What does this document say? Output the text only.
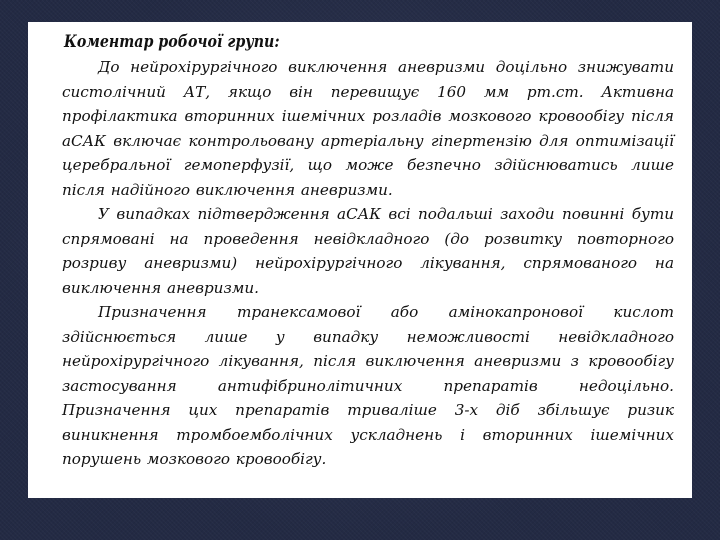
Коментар робочої групи:

До нейрохірургічного виключення аневризми доцільно знижувати систолічний АТ, якщо він перевищує 160 мм рт.ст. Активна профілактика вторинних ішемічних розладів мозкового кровообігу після аСАК включає контрольовану артеріальну гіпертензію для оптимізації церебральної гемоперфузії, що може безпечно здійснюватись лише після надійного виключення аневризми.

У випадках підтвердження аСАК всі подальші заходи повинні бути спрямовані на проведення невідкладного (до розвитку повторного розриву аневризми) нейрохірургічного лікування, спрямованого на виключення аневризми.

Призначення транексамової або амінокапронової кислот здійснюється лише у випадку неможливості невідкладного нейрохірургічного лікування, після виключення аневризми з кровообігу застосування антифібринолітичних препаратів недоцільно. Призначення цих препаратів триваліше 3-х діб збільшує ризик виникнення тромбоемболічних ускладнень і вторинних ішемічних порушень мозкового кровообігу.
